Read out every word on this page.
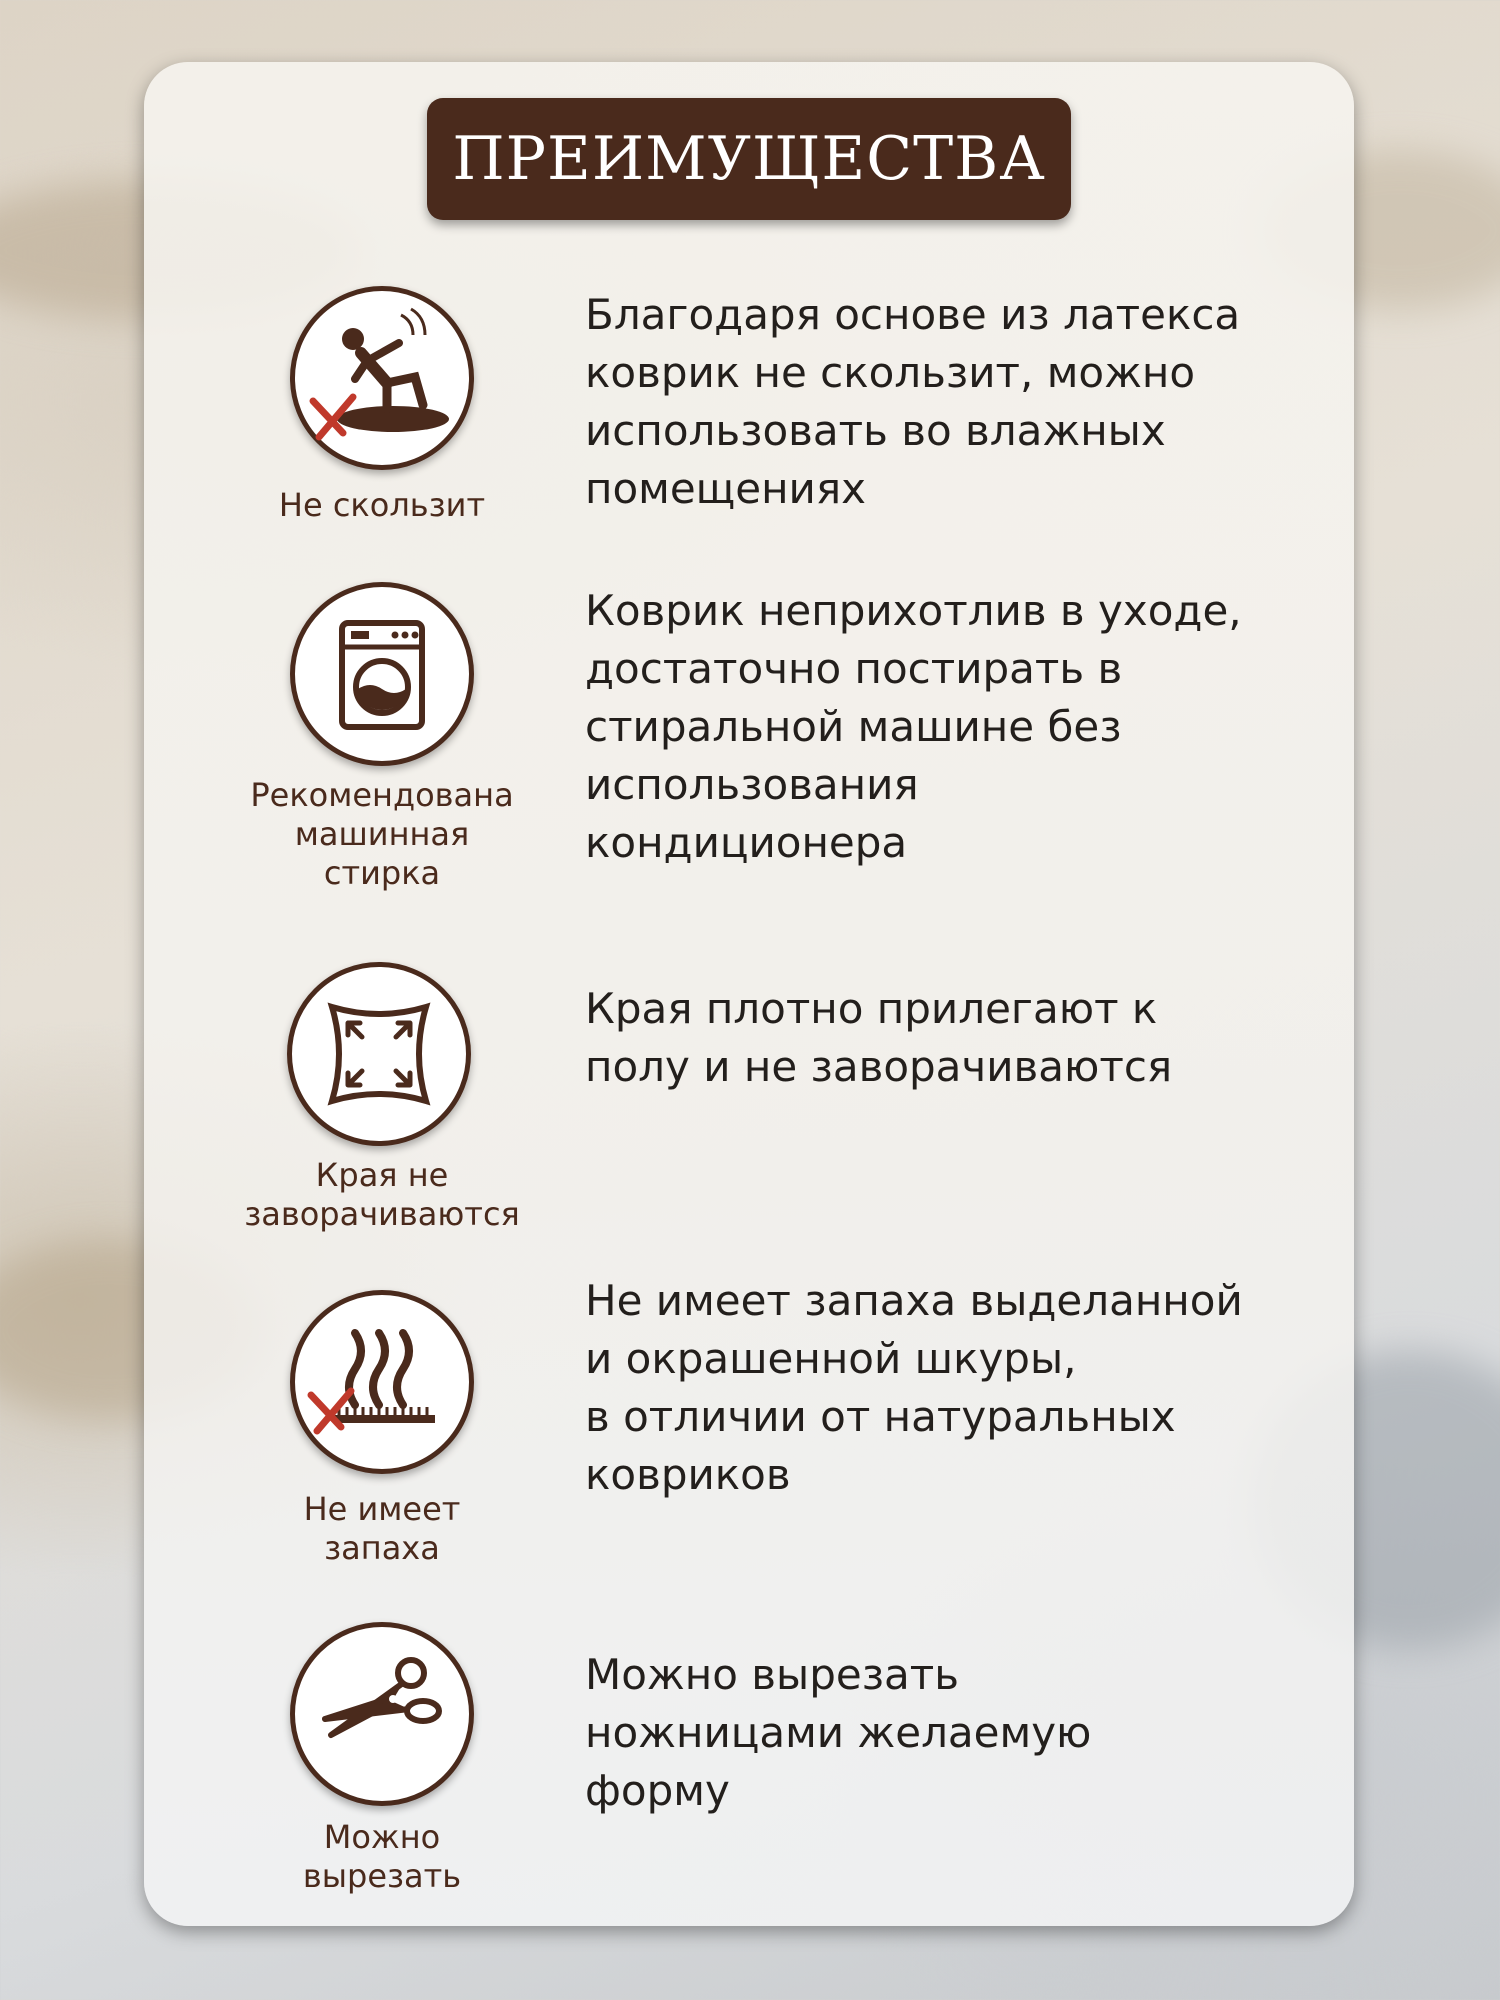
ПРЕИМУЩЕСТВА
Не скользит
Благодаря основе из латекса
коврик не скользит, можно
использовать во влажных
помещениях
Рекомендована
машинная
стирка
Коврик неприхотлив в уходе,
достаточно постирать в
стиральной машине без
использования
кондиционера
Края не
заворачиваются
Края плотно прилегают к
полу и не заворачиваются
Не имеет
запаха
Не имеет запаха выделанной
и окрашенной шкуры,
в отличии от натуральных
ковриков
Можно
вырезать
Можно вырезать
ножницами желаемую
форму
